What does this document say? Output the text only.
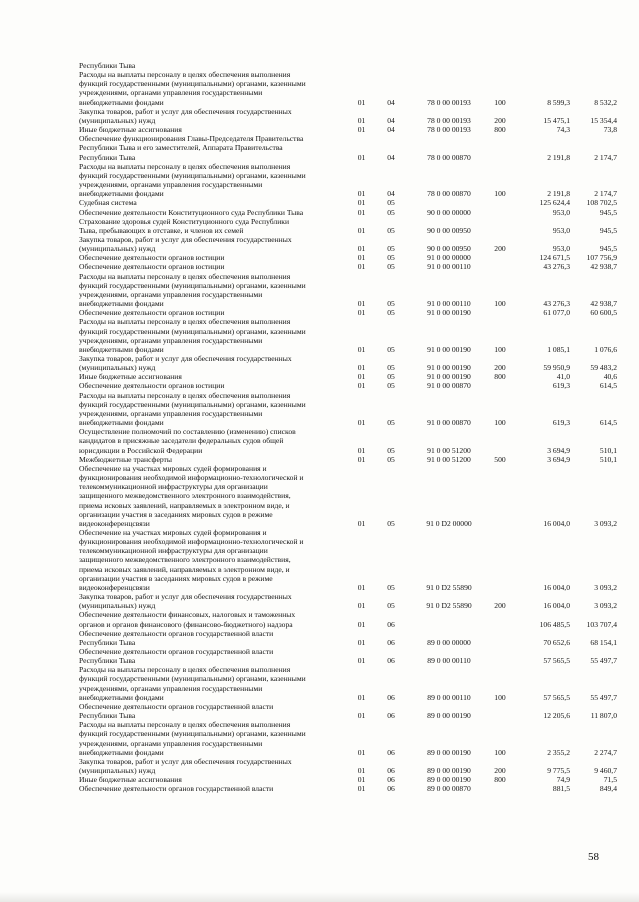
Республики Тыва
Расходы на выплаты персоналу в целях обеспечения выполнения
функций государственными (муниципальными) органами, казенными
учреждениями, органами управления государственными
внебюджетными фондами	01	04	78 0 00 00193	100	8 599,3	8 532,2
Закупка товаров, работ и услуг для обеспечения государственных
(муниципальных) нужд	01	04	78 0 00 00193	200	15 475,1	15 354,4
Иные бюджетные ассигнования	01	04	78 0 00 00193	800	74,3	73,8
Обеспечение функционирования Главы-Председателя Правительства
Республики Тыва и его заместителей, Аппарата Правительства
Республики Тыва	01	04	78 0 00 00870	2 191,8	2 174,7
Расходы на выплаты персоналу в целях обеспечения выполнения
функций государственными (муниципальными) органами, казенными
учреждениями, органами управления государственными
внебюджетными фондами	01	04	78 0 00 00870	100	2 191,8	2 174,7
Судебная система	01	05	125 624,4	108 702,5
Обеспечение деятельности Конституционного суда Республики Тыва	01	05	90 0 00 00000	953,0	945,5
Страхование здоровья судей Конституционного суда Республики
Тыва, пребывающих в отставке, и членов их семей	01	05	90 0 00 00950	953,0	945,5
Закупка товаров, работ и услуг для обеспечения государственных
(муниципальных) нужд	01	05	90 0 00 00950	200	953,0	945,5
Обеспечение деятельности органов юстиции	01	05	91 0 00 00000	124 671,5	107 756,9
Обеспечение деятельности органов юстиции	01	05	91 0 00 00110	43 276,3	42 938,7
Расходы на выплаты персоналу в целях обеспечения выполнения
функций государственными (муниципальными) органами, казенными
учреждениями, органами управления государственными
внебюджетными фондами	01	05	91 0 00 00110	100	43 276,3	42 938,7
Обеспечение деятельности органов юстиции	01	05	91 0 00 00190	61 077,0	60 600,5
Расходы на выплаты персоналу в целях обеспечения выполнения
функций государственными (муниципальными) органами, казенными
учреждениями, органами управления государственными
внебюджетными фондами	01	05	91 0 00 00190	100	1 085,1	1 076,6
Закупка товаров, работ и услуг для обеспечения государственных
(муниципальных) нужд	01	05	91 0 00 00190	200	59 950,9	59 483,2
Иные бюджетные ассигнования	01	05	91 0 00 00190	800	41,0	40,6
Обеспечение деятельности органов юстиции	01	05	91 0 00 00870	619,3	614,5
Расходы на выплаты персоналу в целях обеспечения выполнения
функций государственными (муниципальными) органами, казенными
учреждениями, органами управления государственными
внебюджетными фондами	01	05	91 0 00 00870	100	619,3	614,5
Осуществление полномочий по составлению (изменению) списков
кандидатов в присяжные заседатели федеральных судов общей
юрисдикции в Российской Федерации	01	05	91 0 00 51200	3 694,9	510,1
Межбюджетные трансферты	01	05	91 0 00 51200	500	3 694,9	510,1
Обеспечение на участках мировых судей формирования и
функционирования необходимой информационно-технологической и
телекоммуникационной инфраструктуры для организации
защищенного межведомственного электронного взаимодействия,
приема исковых заявлений, направляемых в электронном виде, и
организации участия в заседаниях мировых судов в режиме
видеоконференцсвязи	01	05	91 0 D2 00000	16 004,0	3 093,2
Обеспечение на участках мировых судей формирования и
функционирования необходимой информационно-технологической и
телекоммуникационной инфраструктуры для организации
защищенного межведомственного электронного взаимодействия,
приема исковых заявлений, направляемых в электронном виде, и
организации участия в заседаниях мировых судов в режиме
видеоконференцсвязи	01	05	91 0 D2 55890	16 004,0	3 093,2
Закупка товаров, работ и услуг для обеспечения государственных
(муниципальных) нужд	01	05	91 0 D2 55890	200	16 004,0	3 093,2
Обеспечение деятельности финансовых, налоговых и таможенных
органов и органов финансового (финансово-бюджетного) надзора	01	06	106 485,5	103 707,4
Обеспечение деятельности органов государственной власти
Республики Тыва	01	06	89 0 00 00000	70 652,6	68 154,1
Обеспечение деятельности органов государственной власти
Республики Тыва	01	06	89 0 00 00110	57 565,5	55 497,7
Расходы на выплаты персоналу в целях обеспечения выполнения
функций государственными (муниципальными) органами, казенными
учреждениями, органами управления государственными
внебюджетными фондами	01	06	89 0 00 00110	100	57 565,5	55 497,7
Обеспечение деятельности органов государственной власти
Республики Тыва	01	06	89 0 00 00190	12 205,6	11 807,0
Расходы на выплаты персоналу в целях обеспечения выполнения
функций государственными (муниципальными) органами, казенными
учреждениями, органами управления государственными
внебюджетными фондами	01	06	89 0 00 00190	100	2 355,2	2 274,7
Закупка товаров, работ и услуг для обеспечения государственных
(муниципальных) нужд	01	06	89 0 00 00190	200	9 775,5	9 460,7
Иные бюджетные ассигнования	01	06	89 0 00 00190	800	74,9	71,5
Обеспечение деятельности органов государственной власти	01	06	89 0 00 00870	881,5	849,4
58
